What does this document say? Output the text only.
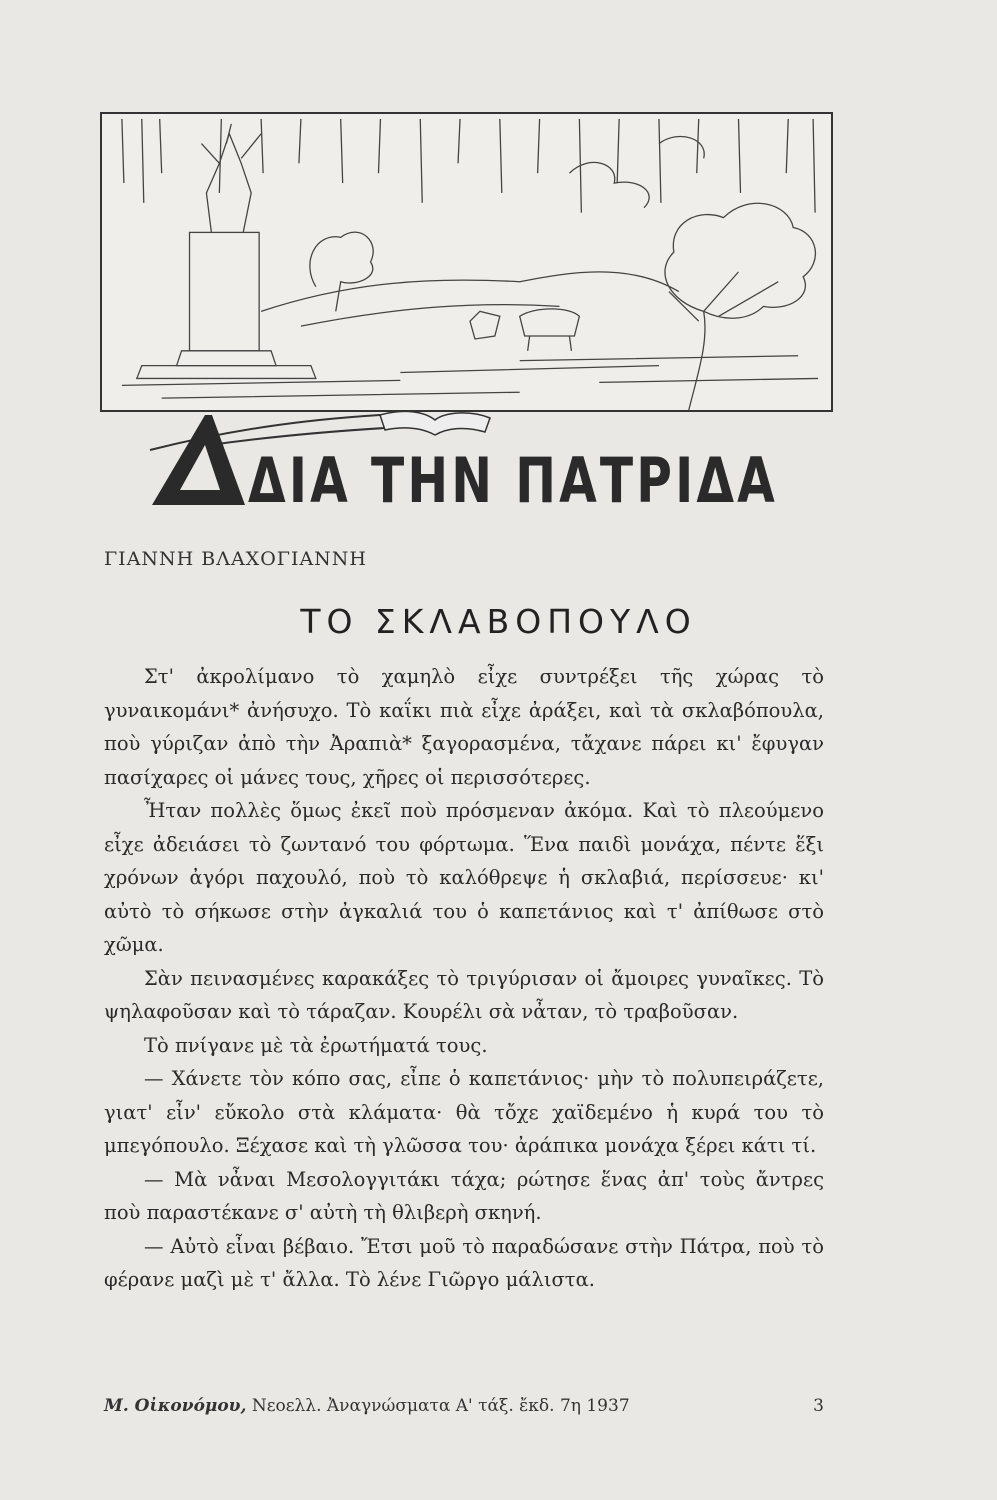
ΔΙΑ ΤΗΝ ΠΑΤΡΙΔΑ
ΓΙΑΝΝΗ ΒΛΑΧΟΓΙΑΝΝΗ
ΤΟ ΣΚΛΑΒΟΠΟΥΛΟ

Στ' ἀκρολίμανο τὸ χαμηλὸ εἶχε συντρέξει τῆς χώρας τὸ γυναικομάνι* ἀνήσυχο. Τὸ καΐκι πιὰ εἶχε ἀράξει, καὶ τὰ σκλαβόπουλα, ποὺ γύριζαν ἀπὸ τὴν Ἀραπιὰ* ξαγορασμένα, τἄχανε πάρει κι' ἔφυγαν πασίχαρες οἱ μάνες τους, χῆρες οἱ περισσότερες.

Ἦταν πολλὲς ὅμως ἐκεῖ ποὺ πρόσμεναν ἀκόμα. Καὶ τὸ πλεούμενο εἶχε ἀδειάσει τὸ ζωντανό του φόρτωμα. Ἕνα παιδὶ μονάχα, πέντε ἕξι χρόνων ἀγόρι παχουλό, ποὺ τὸ καλόθρεψε ἡ σκλαβιά, περίσσευε· κι' αὐτὸ τὸ σήκωσε στὴν ἀγκαλιά του ὁ καπετάνιος καὶ τ' ἀπίθωσε στὸ χῶμα.

Σὰν πεινασμένες καρακάξες τὸ τριγύρισαν οἱ ἄμοιρες γυναῖκες. Τὸ ψηλαφοῦσαν καὶ τὸ τάραζαν. Κουρέλι σὰ νἆταν, τὸ τραβοῦσαν.

Τὸ πνίγανε μὲ τὰ ἐρωτήματά τους.

— Χάνετε τὸν κόπο σας, εἶπε ὁ καπετάνιος· μὴν τὸ πολυπειράζετε, γιατ' εἶν' εὔκολο στὰ κλάματα· θὰ τὄχε χαϊδεμένο ἡ κυρά του τὸ μπεγόπουλο. Ξέχασε καὶ τὴ γλῶσσα του· ἀράπικα μονάχα ξέρει κάτι τί.

— Μὰ νἆναι Μεσολογγιτάκι τάχα; ρώτησε ἕνας ἀπ' τοὺς ἄντρες ποὺ παραστέκανε σ' αὐτὴ τὴ θλιβερὴ σκηνή.

— Αὐτὸ εἶναι βέβαιο. Ἔτσι μοῦ τὸ παραδώσανε στὴν Πάτρα, ποὺ τὸ φέρανε μαζὶ μὲ τ' ἄλλα. Τὸ λένε Γιῶργο μάλιστα.

Μ. Οἰκονόμου, Νεοελλ. Ἀναγνώσματα Α' τάξ. ἔκδ. 7η 1937	3
